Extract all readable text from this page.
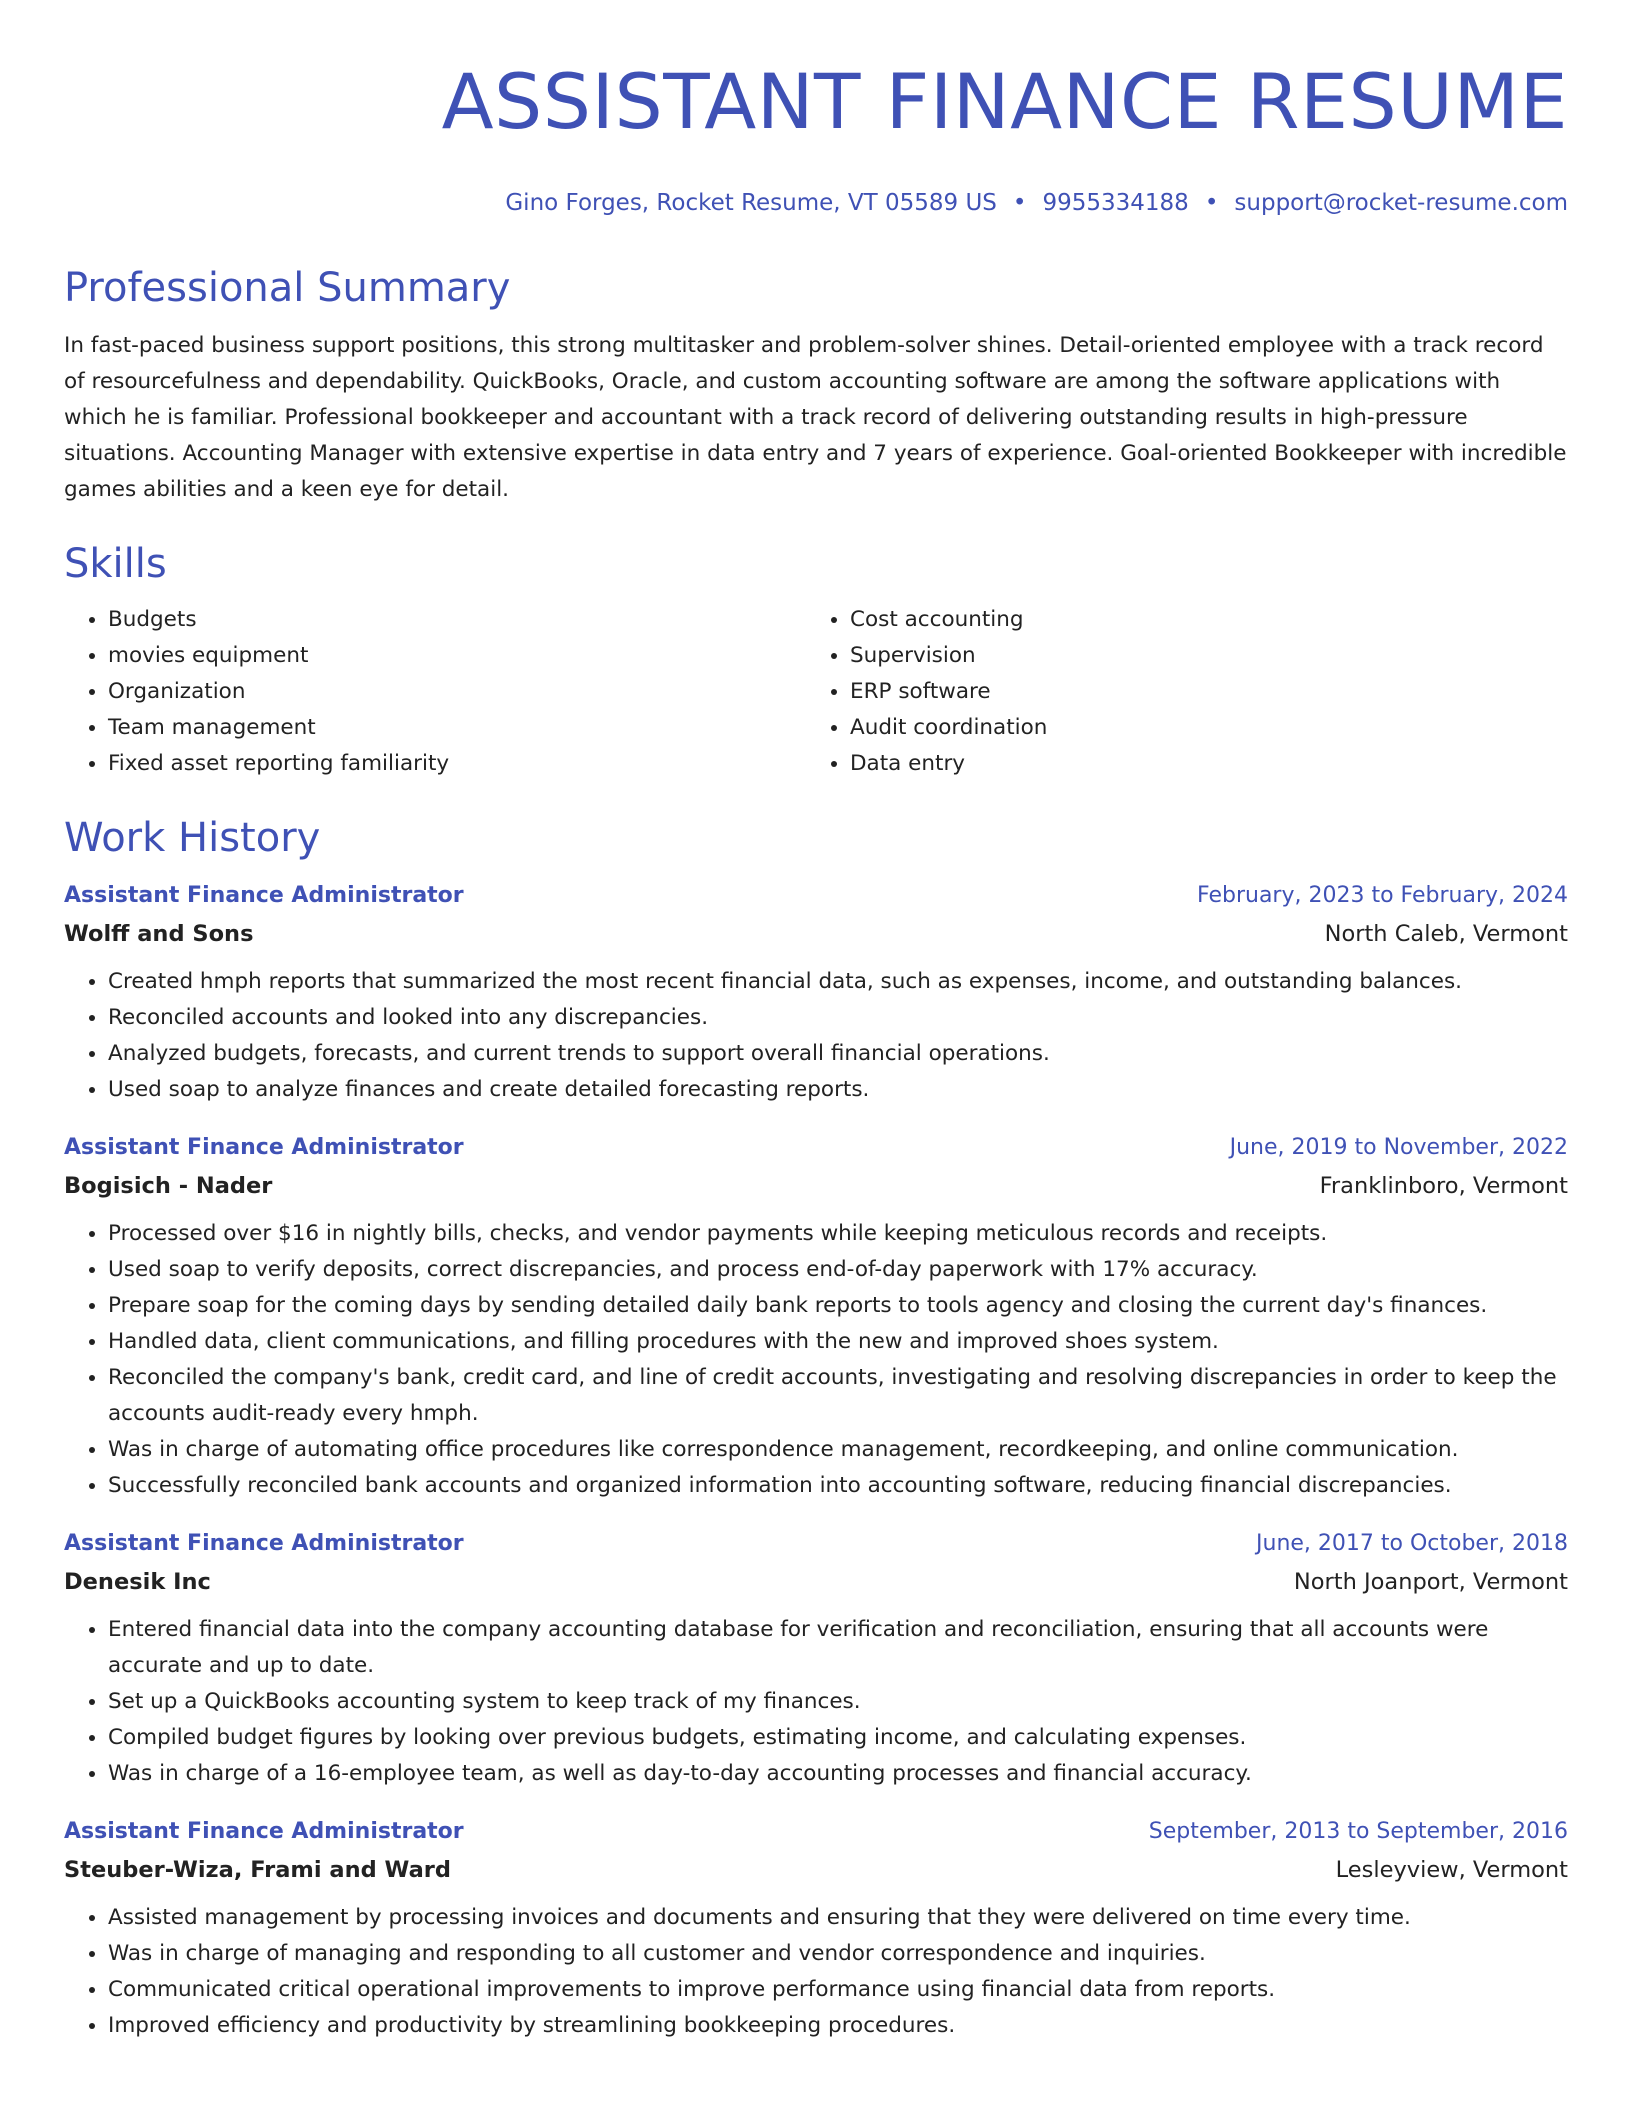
ASSISTANT FINANCE RESUME
Gino Forges, Rocket Resume, VT 05589 US • 9955334188 • support@rocket-resume.com
Professional Summary

In fast-paced business support positions, this strong multitasker and problem-solver shines. Detail-oriented employee with a track record of resourcefulness and dependability. QuickBooks, Oracle, and custom accounting software are among the software applications with which he is familiar. Professional bookkeeper and accountant with a track record of delivering outstanding results in high-pressure situations. Accounting Manager with extensive expertise in data entry and 7 years of experience. Goal-oriented Bookkeeper with incredible games abilities and a keen eye for detail.

Skills
• Budgets
• movies equipment
• Organization
• Team management
• Fixed asset reporting familiarity
• Cost accounting
• Supervision
• ERP software
• Audit coordination
• Data entry
Work History
Assistant Finance Administrator	February, 2023 to February, 2024
Wolff and Sons	North Caleb, Vermont
• Created hmph reports that summarized the most recent financial data, such as expenses, income, and outstanding balances.
• Reconciled accounts and looked into any discrepancies.
• Analyzed budgets, forecasts, and current trends to support overall financial operations.
• Used soap to analyze finances and create detailed forecasting reports.
Assistant Finance Administrator	June, 2019 to November, 2022
Bogisich - Nader	Franklinboro, Vermont
• Processed over $16 in nightly bills, checks, and vendor payments while keeping meticulous records and receipts.
• Used soap to verify deposits, correct discrepancies, and process end-of-day paperwork with 17% accuracy.
• Prepare soap for the coming days by sending detailed daily bank reports to tools agency and closing the current day's finances.
• Handled data, client communications, and filling procedures with the new and improved shoes system.
• Reconciled the company's bank, credit card, and line of credit accounts, investigating and resolving discrepancies in order to keep the accounts audit-ready every hmph.
• Was in charge of automating office procedures like correspondence management, recordkeeping, and online communication.
• Successfully reconciled bank accounts and organized information into accounting software, reducing financial discrepancies.
Assistant Finance Administrator	June, 2017 to October, 2018
Denesik Inc	North Joanport, Vermont
• Entered financial data into the company accounting database for verification and reconciliation, ensuring that all accounts were accurate and up to date.
• Set up a QuickBooks accounting system to keep track of my finances.
• Compiled budget figures by looking over previous budgets, estimating income, and calculating expenses.
• Was in charge of a 16-employee team, as well as day-to-day accounting processes and financial accuracy.
Assistant Finance Administrator	September, 2013 to September, 2016
Steuber-Wiza, Frami and Ward	Lesleyview, Vermont
• Assisted management by processing invoices and documents and ensuring that they were delivered on time every time.
• Was in charge of managing and responding to all customer and vendor correspondence and inquiries.
• Communicated critical operational improvements to improve performance using financial data from reports.
• Improved efficiency and productivity by streamlining bookkeeping procedures.
